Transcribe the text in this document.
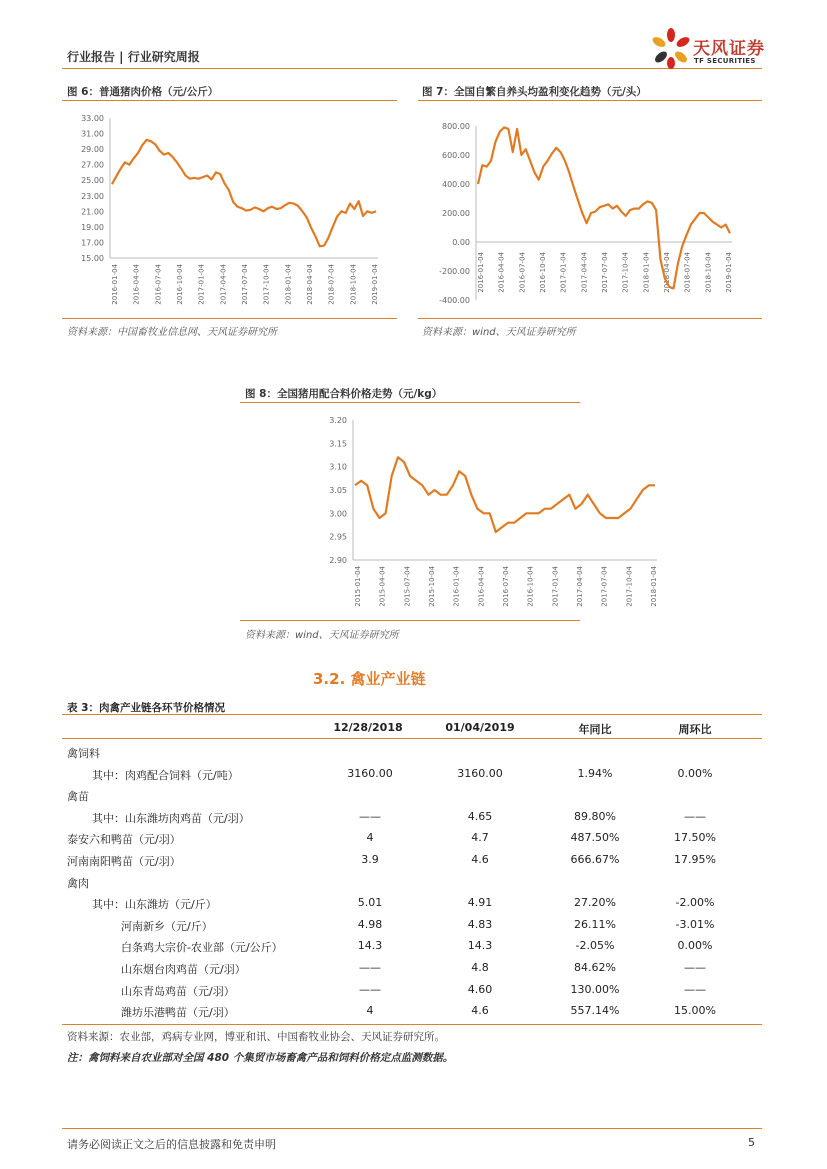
行业报告 | 行业研究周报	天风证券
TF SECURITIES
图 6：普通猪肉价格（元/公斤）
33.00
31.00
29.00
27.00
25.00
23.00
21.00
19.00
17.00
15.00
2016-01-04 2016-04-04 2016-07-04 2016-10-04 2017-01-04 2017-04-04 2017-07-04 2017-10-04 2018-01-04 2018-04-04 2018-07-04 2018-10-04 2019-01-04
资料来源：中国畜牧业信息网、天风证券研究所
图 7：全国自繁自养头均盈利变化趋势（元/头）
800.00
600.00
400.00
200.00
0.00
-200.00
-400.00
2016-01-04 2016-04-04 2016-07-04 2016-10-04 2017-01-04 2017-04-04 2017-07-04 2017-10-04 2018-01-04 2018-04-04 2018-07-04 2018-10-04 2019-01-04
资料来源：wind、天风证券研究所
图 8：全国猪用配合料价格走势（元/kg）
3.20
3.15
3.10
3.05
3.00
2.95
2.90
2015-01-04 2015-04-04 2015-07-04 2015-10-04 2016-01-04 2016-04-04 2016-07-04 2016-10-04 2017-01-04 2017-04-04 2017-07-04 2017-10-04 2018-01-04
资料来源：wind、天风证券研究所
3.2. 禽业产业链
表 3：肉禽产业链各环节价格情况
12/28/2018	01/04/2019	年同比	周环比
禽饲料
其中：肉鸡配合饲料（元/吨）	3160.00	3160.00	1.94%	0.00%
禽苗
其中：山东潍坊肉鸡苗（元/羽）	——	4.65	89.80%	——
泰安六和鸭苗（元/羽）	4	4.7	487.50%	17.50%
河南南阳鸭苗（元/羽）	3.9	4.6	666.67%	17.95%
禽肉
其中：山东潍坊（元/斤）	5.01	4.91	27.20%	-2.00%
河南新乡（元/斤）	4.98	4.83	26.11%	-3.01%
白条鸡大宗价-农业部（元/公斤）	14.3	14.3	-2.05%	0.00%
山东烟台肉鸡苗（元/羽）	——	4.8	84.62%	——
山东青岛鸡苗（元/羽）	——	4.60	130.00%	——
潍坊乐港鸭苗（元/羽）	4	4.6	557.14%	15.00%
资料来源：农业部，鸡病专业网，博亚和讯、中国畜牧业协会、天风证券研究所。
注：禽饲料来自农业部对全国 480 个集贸市场畜禽产品和饲料价格定点监测数据。
请务必阅读正文之后的信息披露和免责申明	5
